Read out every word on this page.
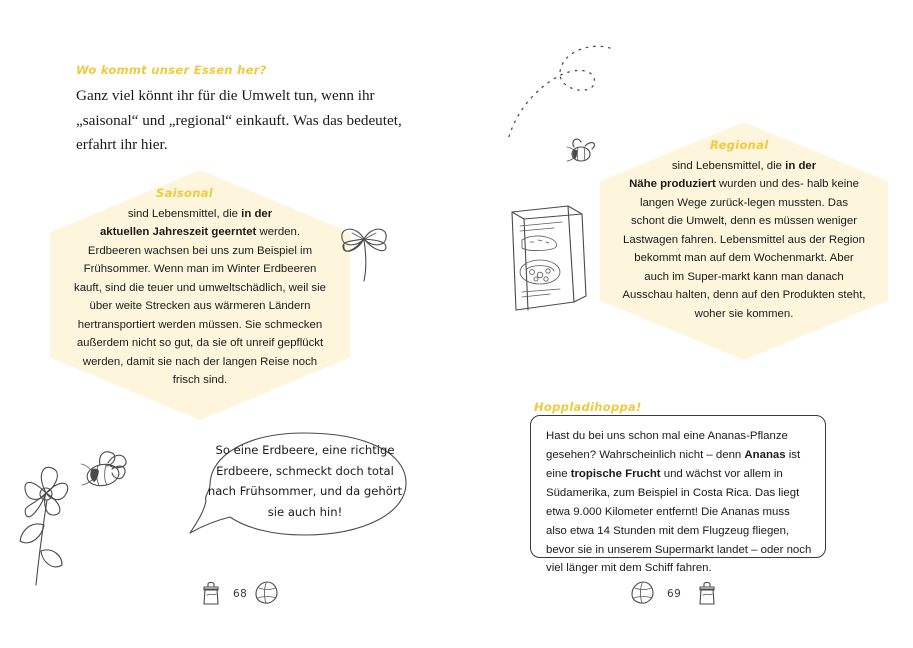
Wo kommt unser Essen her?
Ganz viel könnt ihr für die Umwelt tun, wenn ihr „saisonal“ und „regional“ einkauft. Was das bedeutet, erfahrt ihr hier.
Saisonal
sind Lebensmittel, die in der
aktuellen Jahreszeit geerntet werden. Erdbeeren wachsen bei uns zum Beispiel im Frühsommer. Wenn man im Winter Erdbeeren kauft, sind die teuer und umweltschädlich, weil sie über weite Strecken aus wärmeren Ländern hertransportiert werden müssen. Sie schmecken außerdem nicht so gut, da sie oft unreif gepflückt werden, damit sie nach der langen Reise noch frisch sind.
So eine Erdbeere, eine richtige Erdbeere, schmeckt doch total nach Frühsommer, und da gehört sie auch hin!
68
Regional
sind Lebensmittel, die in der
Nähe produziert wurden und des- halb keine langen Wege zurück-legen mussten. Das schont die Umwelt, denn es müssen weniger Lastwagen fahren. Lebensmittel aus der Region bekommt man auf dem Wochenmarkt. Aber auch im Super-markt kann man danach Ausschau halten, denn auf den Produkten steht, woher sie kommen.
Hoppladihoppa!
Hast du bei uns schon mal eine Ananas-Pflanze gesehen? Wahrscheinlich nicht – denn Ananas ist eine tropische Frucht und wächst vor allem in Südamerika, zum Beispiel in Costa Rica. Das liegt etwa 9.000 Kilometer entfernt! Die Ananas muss also etwa 14 Stunden mit dem Flugzeug fliegen, bevor sie in unserem Supermarkt landet – oder noch viel länger mit dem Schiff fahren.
69
